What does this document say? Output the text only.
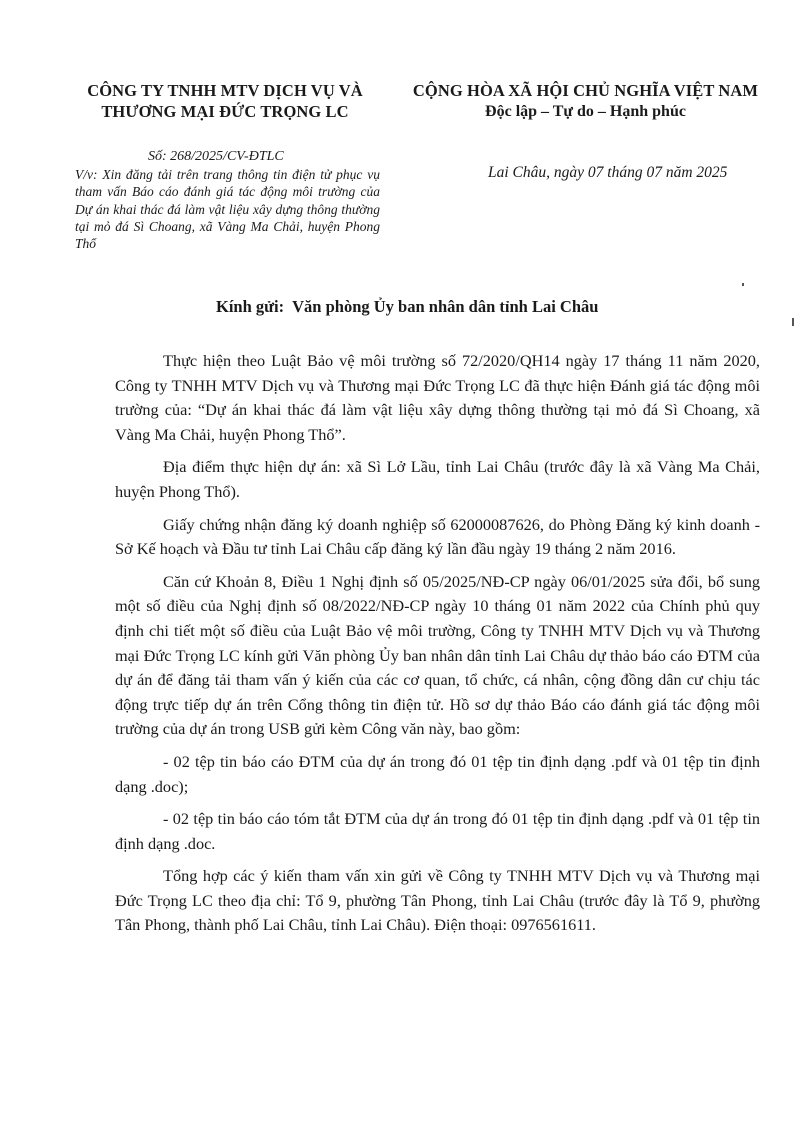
CÔNG TY TNHH MTV DỊCH VỤ VÀ
THƯƠNG MẠI ĐỨC TRỌNG LC
CỘNG HÒA XÃ HỘI CHỦ NGHĨA VIỆT NAM
Độc lập – Tự do – Hạnh phúc
Số: 268/2025/CV-ĐTLC
V/v: Xin đăng tải trên trang thông tin điện tử phục vụ tham vấn Báo cáo đánh giá tác động môi trường của Dự án khai thác đá làm vật liệu xây dựng thông thường tại mỏ đá Sì Choang, xã Vàng Ma Chải, huyện Phong Thổ
Lai Châu, ngày 07 tháng 07 năm 2025
Kính gửi: Văn phòng Ủy ban nhân dân tỉnh Lai Châu

Thực hiện theo Luật Bảo vệ môi trường số 72/2020/QH14 ngày 17 tháng 11 năm 2020, Công ty TNHH MTV Dịch vụ và Thương mại Đức Trọng LC đã thực hiện Đánh giá tác động môi trường của: “Dự án khai thác đá làm vật liệu xây dựng thông thường tại mỏ đá Sì Choang, xã Vàng Ma Chải, huyện Phong Thổ”.

Địa điểm thực hiện dự án: xã Sì Lở Lầu, tỉnh Lai Châu (trước đây là xã Vàng Ma Chải, huyện Phong Thổ).

Giấy chứng nhận đăng ký doanh nghiệp số 62000087626, do Phòng Đăng ký kinh doanh - Sở Kế hoạch và Đầu tư tỉnh Lai Châu cấp đăng ký lần đầu ngày 19 tháng 2 năm 2016.

Căn cứ Khoản 8, Điều 1 Nghị định số 05/2025/NĐ-CP ngày 06/01/2025 sửa đổi, bổ sung một số điều của Nghị định số 08/2022/NĐ-CP ngày 10 tháng 01 năm 2022 của Chính phủ quy định chi tiết một số điều của Luật Bảo vệ môi trường, Công ty TNHH MTV Dịch vụ và Thương mại Đức Trọng LC kính gửi Văn phòng Ủy ban nhân dân tỉnh Lai Châu dự thảo báo cáo ĐTM của dự án để đăng tải tham vấn ý kiến của các cơ quan, tổ chức, cá nhân, cộng đồng dân cư chịu tác động trực tiếp dự án trên Cổng thông tin điện tử. Hồ sơ dự thảo Báo cáo đánh giá tác động môi trường của dự án trong USB gửi kèm Công văn này, bao gồm:

- 02 tệp tin báo cáo ĐTM của dự án trong đó 01 tệp tin định dạng .pdf và 01 tệp tin định dạng .doc);

- 02 tệp tin báo cáo tóm tắt ĐTM của dự án trong đó 01 tệp tin định dạng .pdf và 01 tệp tin định dạng .doc.

Tổng hợp các ý kiến tham vấn xin gửi về Công ty TNHH MTV Dịch vụ và Thương mại Đức Trọng LC theo địa chỉ: Tổ 9, phường Tân Phong, tỉnh Lai Châu (trước đây là Tổ 9, phường Tân Phong, thành phố Lai Châu, tỉnh Lai Châu). Điện thoại: 0976561611.
